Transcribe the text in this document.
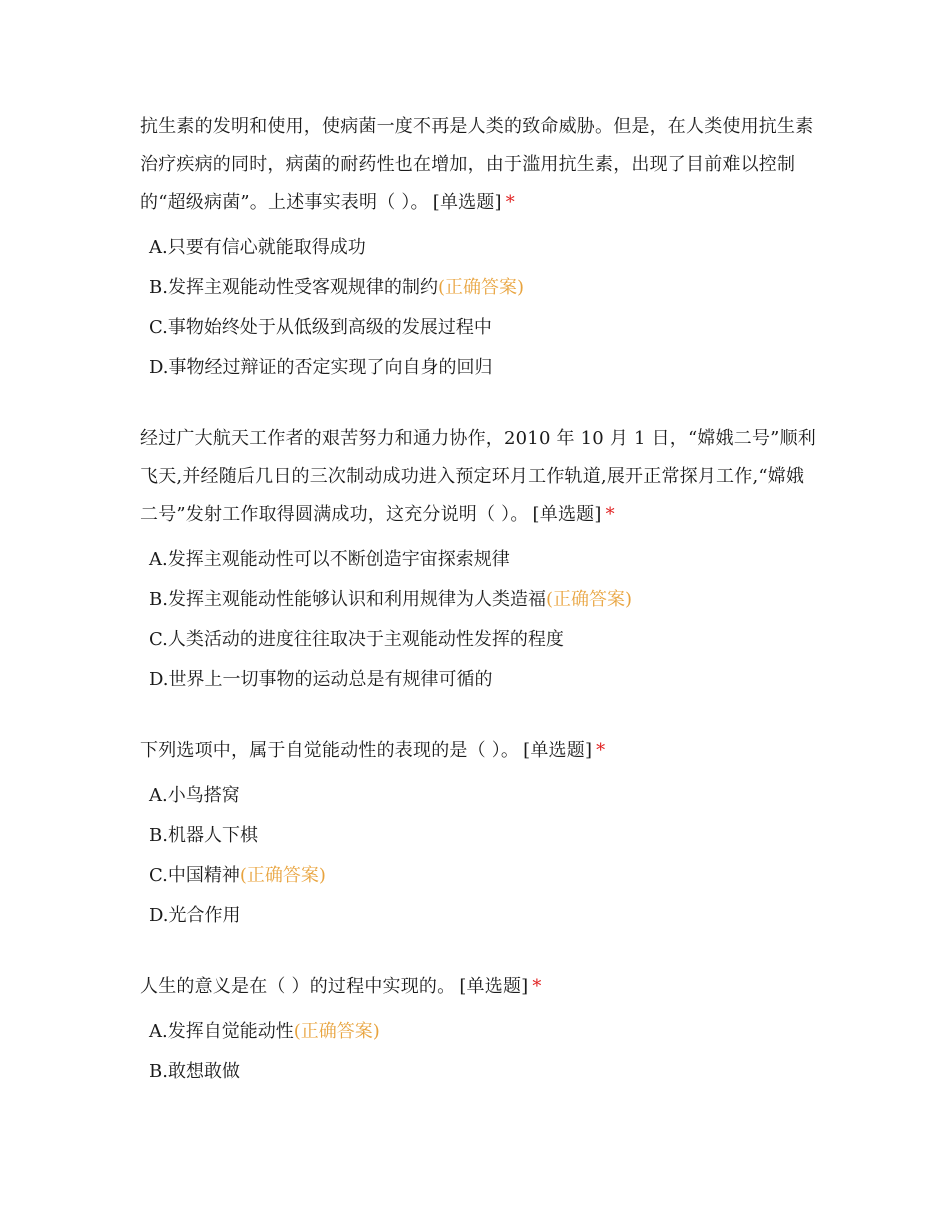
抗生素的发明和使用，使病菌一度不再是人类的致命威胁。但是，在人类使用抗生素治疗疾病的同时，病菌的耐药性也在增加，由于滥用抗生素，出现了目前难以控制的“超级病菌”。上述事实表明（ ）。 [单选题] *

A.只要有信心就能取得成功
B.发挥主观能动性受客观规律的制约(正确答案)
C.事物始终处于从低级到高级的发展过程中
D.事物经过辩证的否定实现了向自身的回归

经过广大航天工作者的艰苦努力和通力协作，2010 年 10 月 1 日，“嫦娥二号”顺利飞天,并经随后几日的三次制动成功进入预定环月工作轨道,展开正常探月工作,“嫦娥二号”发射工作取得圆满成功，这充分说明（ ）。 [单选题] *

A.发挥主观能动性可以不断创造宇宙探索规律
B.发挥主观能动性能够认识和利用规律为人类造福(正确答案)
C.人类活动的进度往往取决于主观能动性发挥的程度
D.世界上一切事物的运动总是有规律可循的

下列选项中，属于自觉能动性的表现的是（ ）。 [单选题] *

A.小鸟搭窝
B.机器人下棋
C.中国精神(正确答案)
D.光合作用

人生的意义是在（ ）的过程中实现的。 [单选题] *

A.发挥自觉能动性(正确答案)
B.敢想敢做
